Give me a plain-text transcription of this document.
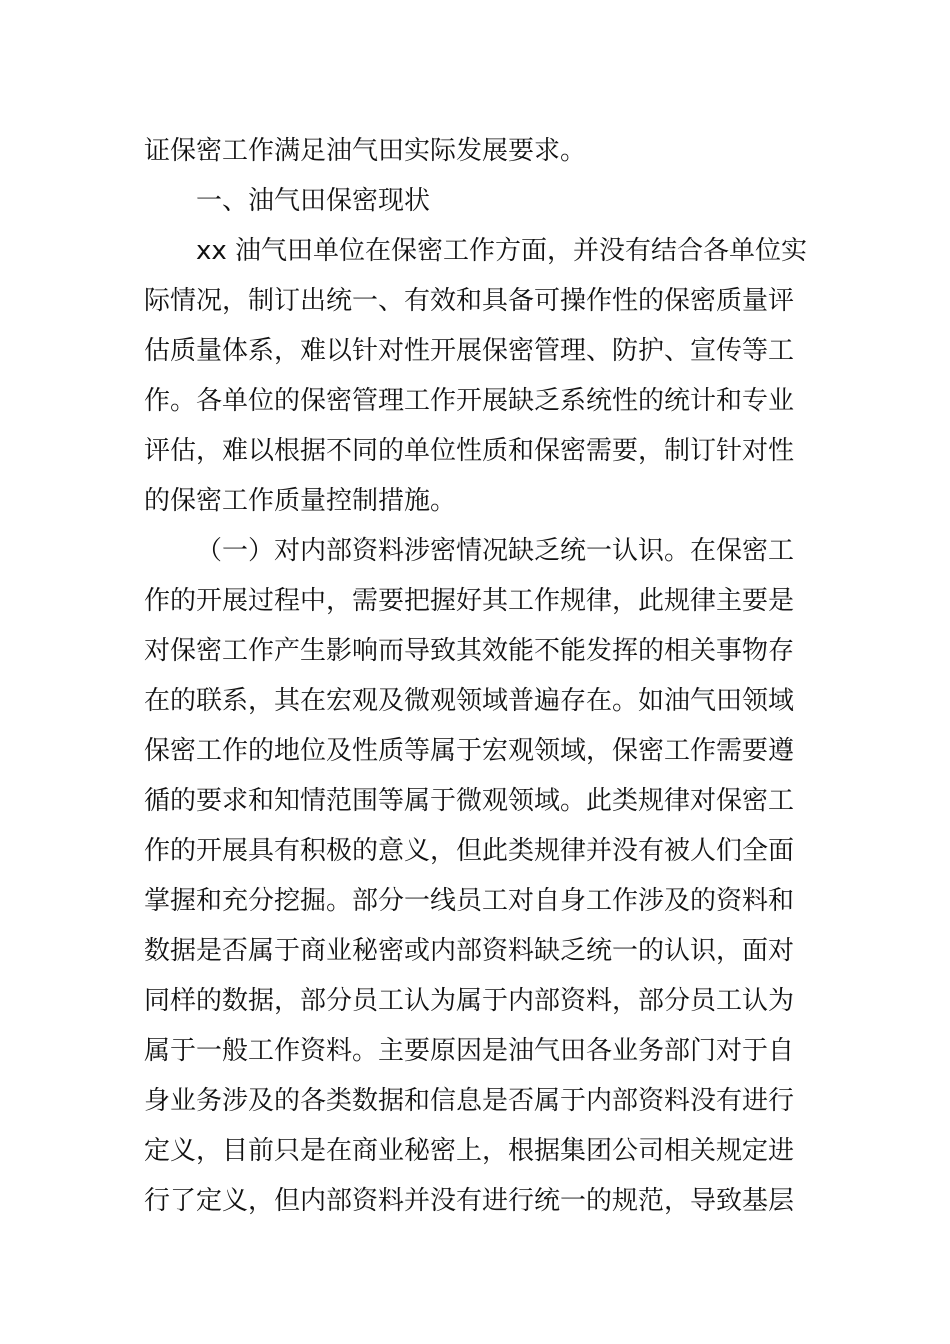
证保密工作满足油气田实际发展要求。
一、油气田保密现状
xx 油气田单位在保密工作方面，并没有结合各单位实
际情况，制订出统一、有效和具备可操作性的保密质量评
估质量体系，难以针对性开展保密管理、防护、宣传等工
作。各单位的保密管理工作开展缺乏系统性的统计和专业
评估，难以根据不同的单位性质和保密需要，制订针对性
的保密工作质量控制措施。
（一）对内部资料涉密情况缺乏统一认识。在保密工
作的开展过程中，需要把握好其工作规律，此规律主要是
对保密工作产生影响而导致其效能不能发挥的相关事物存
在的联系，其在宏观及微观领域普遍存在。如油气田领域
保密工作的地位及性质等属于宏观领域，保密工作需要遵
循的要求和知情范围等属于微观领域。此类规律对保密工
作的开展具有积极的意义，但此类规律并没有被人们全面
掌握和充分挖掘。部分一线员工对自身工作涉及的资料和
数据是否属于商业秘密或内部资料缺乏统一的认识，面对
同样的数据，部分员工认为属于内部资料，部分员工认为
属于一般工作资料。主要原因是油气田各业务部门对于自
身业务涉及的各类数据和信息是否属于内部资料没有进行
定义，目前只是在商业秘密上，根据集团公司相关规定进
行了定义，但内部资料并没有进行统一的规范，导致基层
